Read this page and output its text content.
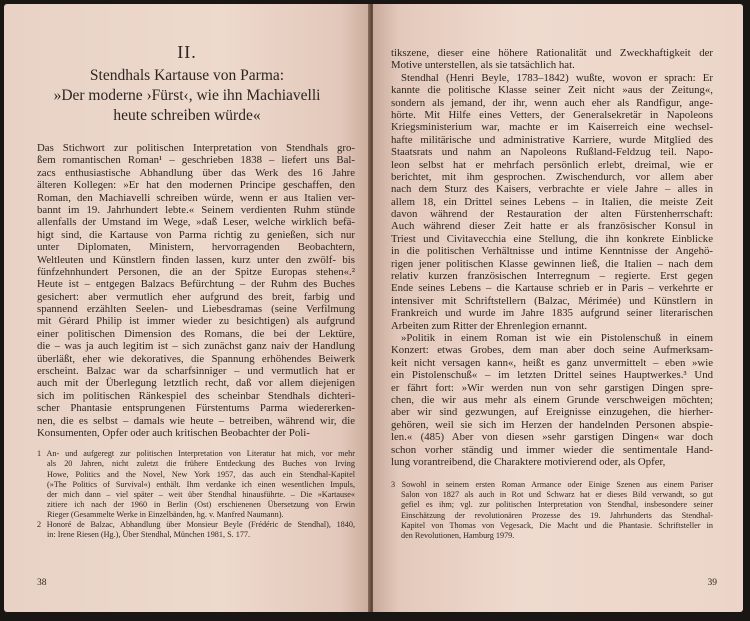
II.
Stendhals Kartause von Parma:
»Der moderne ›Fürst‹, wie ihn Machiavelli
heute schreiben würde«
Das Stichwort zur politischen Interpretation von Stendhals gro-
ßem romantischen Roman¹ – geschrieben 1838 – liefert uns Bal-
zacs enthusiastische Abhandlung über das Werk des 16 Jahre
älteren Kollegen: »Er hat den modernen Principe geschaffen, den
Roman, den Machiavelli schreiben würde, wenn er aus Italien ver-
bannt im 19. Jahrhundert lebte.« Seinem verdienten Ruhm stünde
allenfalls der Umstand im Wege, »daß Leser, welche wirklich befä-
higt sind, die Kartause von Parma richtig zu genießen, sich nur
unter Diplomaten, Ministern, hervorragenden Beobachtern,
Weltleuten und Künstlern finden lassen, kurz unter den zwölf- bis
fünfzehnhundert Personen, die an der Spitze Europas stehen«.²
Heute ist – entgegen Balzacs Befürchtung – der Ruhm des Buches
gesichert: aber vermutlich eher aufgrund des breit, farbig und
spannend erzählten Seelen- und Liebesdramas (seine Verfilmung
mit Gérard Philip ist immer wieder zu besichtigen) als aufgrund
einer politischen Dimension des Romans, die bei der Lektüre,
die – was ja auch legitim ist – sich zunächst ganz naiv der Handlung
überläßt, eher wie dekoratives, die Spannung erhöhendes Beiwerk
erscheint. Balzac war da scharfsinniger – und vermutlich hat er
auch mit der Überlegung letztlich recht, daß vor allem diejenigen
sich im politischen Ränkespiel des scheinbar Stendhals dichteri-
scher Phantasie entsprungenen Fürstentums Parma wiedererken-
nen, die es selbst – damals wie heute – betreiben, während wir, die
Konsumenten, Opfer oder auch kritischen Beobachter der Poli-
1 An- und aufgeregt zur politischen Interpretation von Literatur hat mich, vor mehr
als 20 Jahren, nicht zuletzt die frühere Entdeckung des Buches von Irving
Howe, Politics and the Novel, New York 1957, das auch ein Stendhal-Kapitel
(»The Politics of Survival«) enthält. Ihm verdanke ich einen wesentlichen Impuls,
der mich dann – viel später – weit über Stendhal hinausführte. – Die »Kartause«
zitiere ich nach der 1960 in Berlin (Ost) erschienenen Übersetzung von Erwin
Rieger (Gesammelte Werke in Einzelbänden, hg. v. Manfred Naumann).
2 Honoré de Balzac, Abhandlung über Monsieur Beyle (Frédéric de Stendhal), 1840,
in: Irene Riesen (Hg.), Über Stendhal, München 1981, S. 177.
38
tikszene, dieser eine höhere Rationalität und Zweckhaftigkeit der
Motive unterstellen, als sie tatsächlich hat.
Stendhal (Henri Beyle, 1783–1842) wußte, wovon er sprach: Er
kannte die politische Klasse seiner Zeit nicht »aus der Zeitung«,
sondern als jemand, der ihr, wenn auch eher als Randfigur, ange-
hörte. Mit Hilfe eines Vetters, der Generalsekretär in Napoleons
Kriegsministerium war, machte er im Kaiserreich eine wechsel-
hafte militärische und administrative Karriere, wurde Mitglied des
Staatsrats und nahm an Napoleons Rußland-Feldzug teil. Napo-
leon selbst hat er mehrfach persönlich erlebt, dreimal, wie er
berichtet, mit ihm gesprochen. Zwischendurch, vor allem aber
nach dem Sturz des Kaisers, verbrachte er viele Jahre – alles in
allem 18, ein Drittel seines Lebens – in Italien, die meiste Zeit
davon während der Restauration der alten Fürstenherrschaft:
Auch während dieser Zeit hatte er als französischer Konsul in
Triest und Civitavecchia eine Stellung, die ihn konkrete Einblicke
in die politischen Verhältnisse und intime Kenntnisse der Angehö-
rigen jener politischen Klasse gewinnen ließ, die Italien – nach dem
relativ kurzen französischen Interregnum – regierte. Erst gegen
Ende seines Lebens – die Kartause schrieb er in Paris – verkehrte er
intensiver mit Schriftstellern (Balzac, Mérimée) und Künstlern in
Frankreich und wurde im Jahre 1835 aufgrund seiner literarischen
Arbeiten zum Ritter der Ehrenlegion ernannt.
»Politik in einem Roman ist wie ein Pistolenschuß in einem
Konzert: etwas Grobes, dem man aber doch seine Aufmerksam-
keit nicht versagen kann«, heißt es ganz unvermittelt – eben »wie
ein Pistolenschuß« – im letzten Drittel seines Hauptwerkes.³ Und
er fährt fort: »Wir werden nun von sehr garstigen Dingen spre-
chen, die wir aus mehr als einem Grunde verschweigen möchten;
aber wir sind gezwungen, auf Ereignisse einzugehen, die hierher-
gehören, weil sie sich im Herzen der handelnden Personen abspie-
len.« (485) Aber von diesen »sehr garstigen Dingen« war doch
schon vorher ständig und immer wieder die sentimentale Hand-
lung vorantreibend, die Charaktere motivierend oder, als Opfer,
3 Sowohl in seinem ersten Roman Armance oder Einige Szenen aus einem Pariser
Salon von 1827 als auch in Rot und Schwarz hat er dieses Bild verwandt, so gut
gefiel es ihm; vgl. zur politischen Interpretation von Stendhal, insbesondere seiner
Einschätzung der revolutionären Prozesse des 19. Jahrhunderts das Stendhal-
Kapitel von Thomas von Vegesack, Die Macht und die Phantasie. Schriftsteller in
den Revolutionen, Hamburg 1979.
39
